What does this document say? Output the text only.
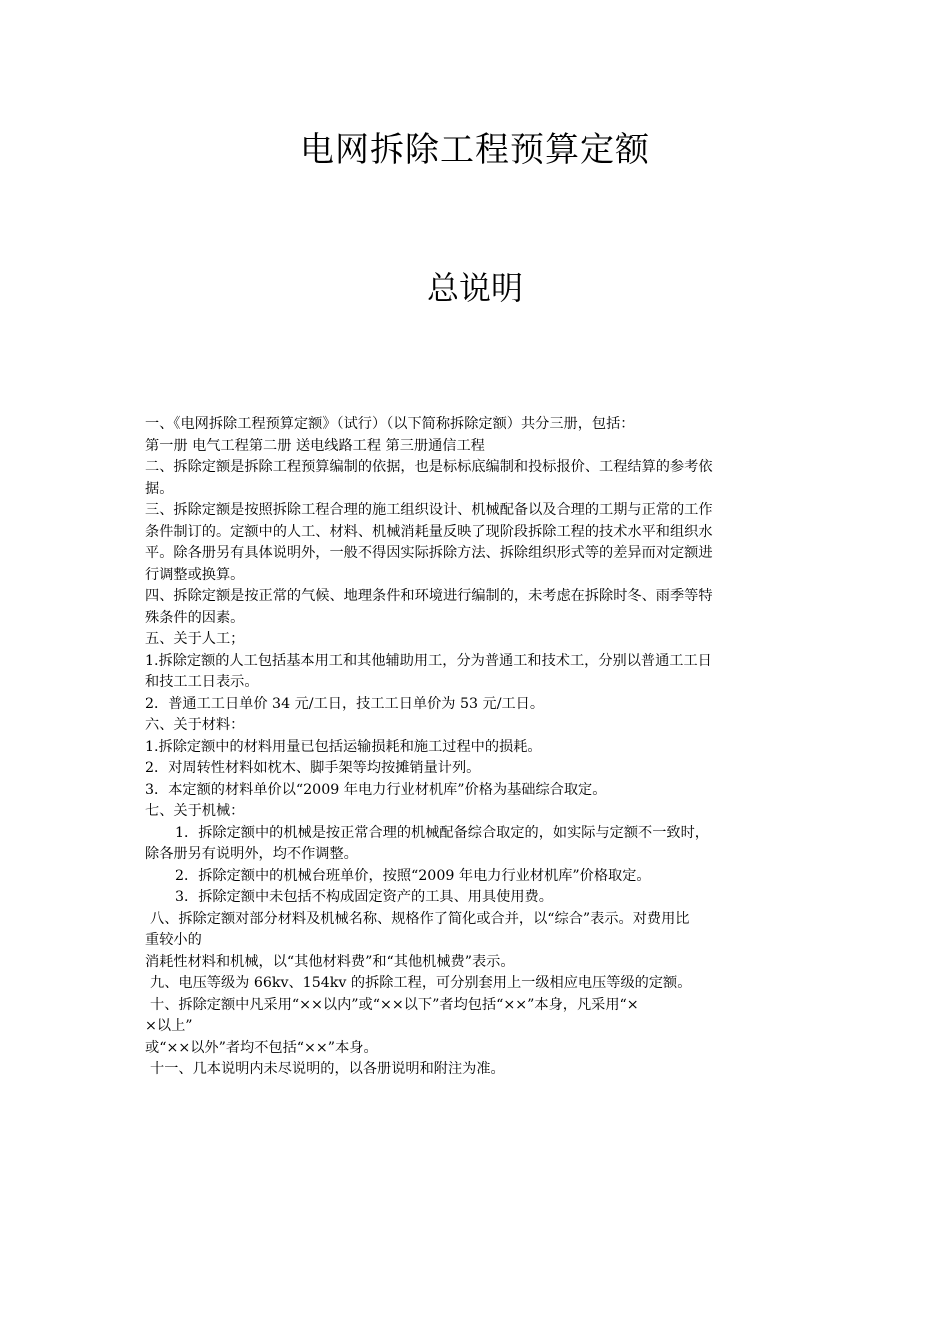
电网拆除工程预算定额
总说明
一、《电网拆除工程预算定额》（试行）（以下简称拆除定额）共分三册，包括：
第一册 电气工程第二册 送电线路工程 第三册通信工程
二、拆除定额是拆除工程预算编制的依据，也是标标底编制和投标报价、工程结算的参考依
据。
三、拆除定额是按照拆除工程合理的施工组织设计、机械配备以及合理的工期与正常的工作
条件制订的。定额中的人工、材料、机械消耗量反映了现阶段拆除工程的技术水平和组织水
平。除各册另有具体说明外，一般不得因实际拆除方法、拆除组织形式等的差异而对定额进
行调整或换算。
四、拆除定额是按正常的气候、地理条件和环境进行编制的，未考虑在拆除时冬、雨季等特
殊条件的因素。
五、关于人工；
1.拆除定额的人工包括基本用工和其他辅助用工，分为普通工和技术工，分别以普通工工日
和技工工日表示。
2．普通工工日单价 34 元/工日，技工工日单价为 53 元/工日。
六、关于材料：
1.拆除定额中的材料用量已包括运输损耗和施工过程中的损耗。
2．对周转性材料如枕木、脚手架等均按摊销量计列。
3．本定额的材料单价以“2009 年电力行业材机库”价格为基础综合取定。
七、关于机械：
1．拆除定额中的机械是按正常合理的机械配备综合取定的，如实际与定额不一致时，
除各册另有说明外，均不作调整。
2．拆除定额中的机械台班单价，按照“2009 年电力行业材机库”价格取定。
3．拆除定额中未包括不构成固定资产的工具、用具使用费。
八、拆除定额对部分材料及机械名称、规格作了简化或合并，以“综合”表示。对费用比
重较小的
消耗性材料和机械，以“其他材料费”和“其他机械费”表示。
九、电压等级为 66kv、154kv 的拆除工程，可分别套用上一级相应电压等级的定额。
十、拆除定额中凡采用“××以内”或“××以下”者均包括“××”本身，凡采用“×
×以上”
或“××以外”者均不包括“××”本身。
十一、几本说明内未尽说明的，以各册说明和附注为准。
